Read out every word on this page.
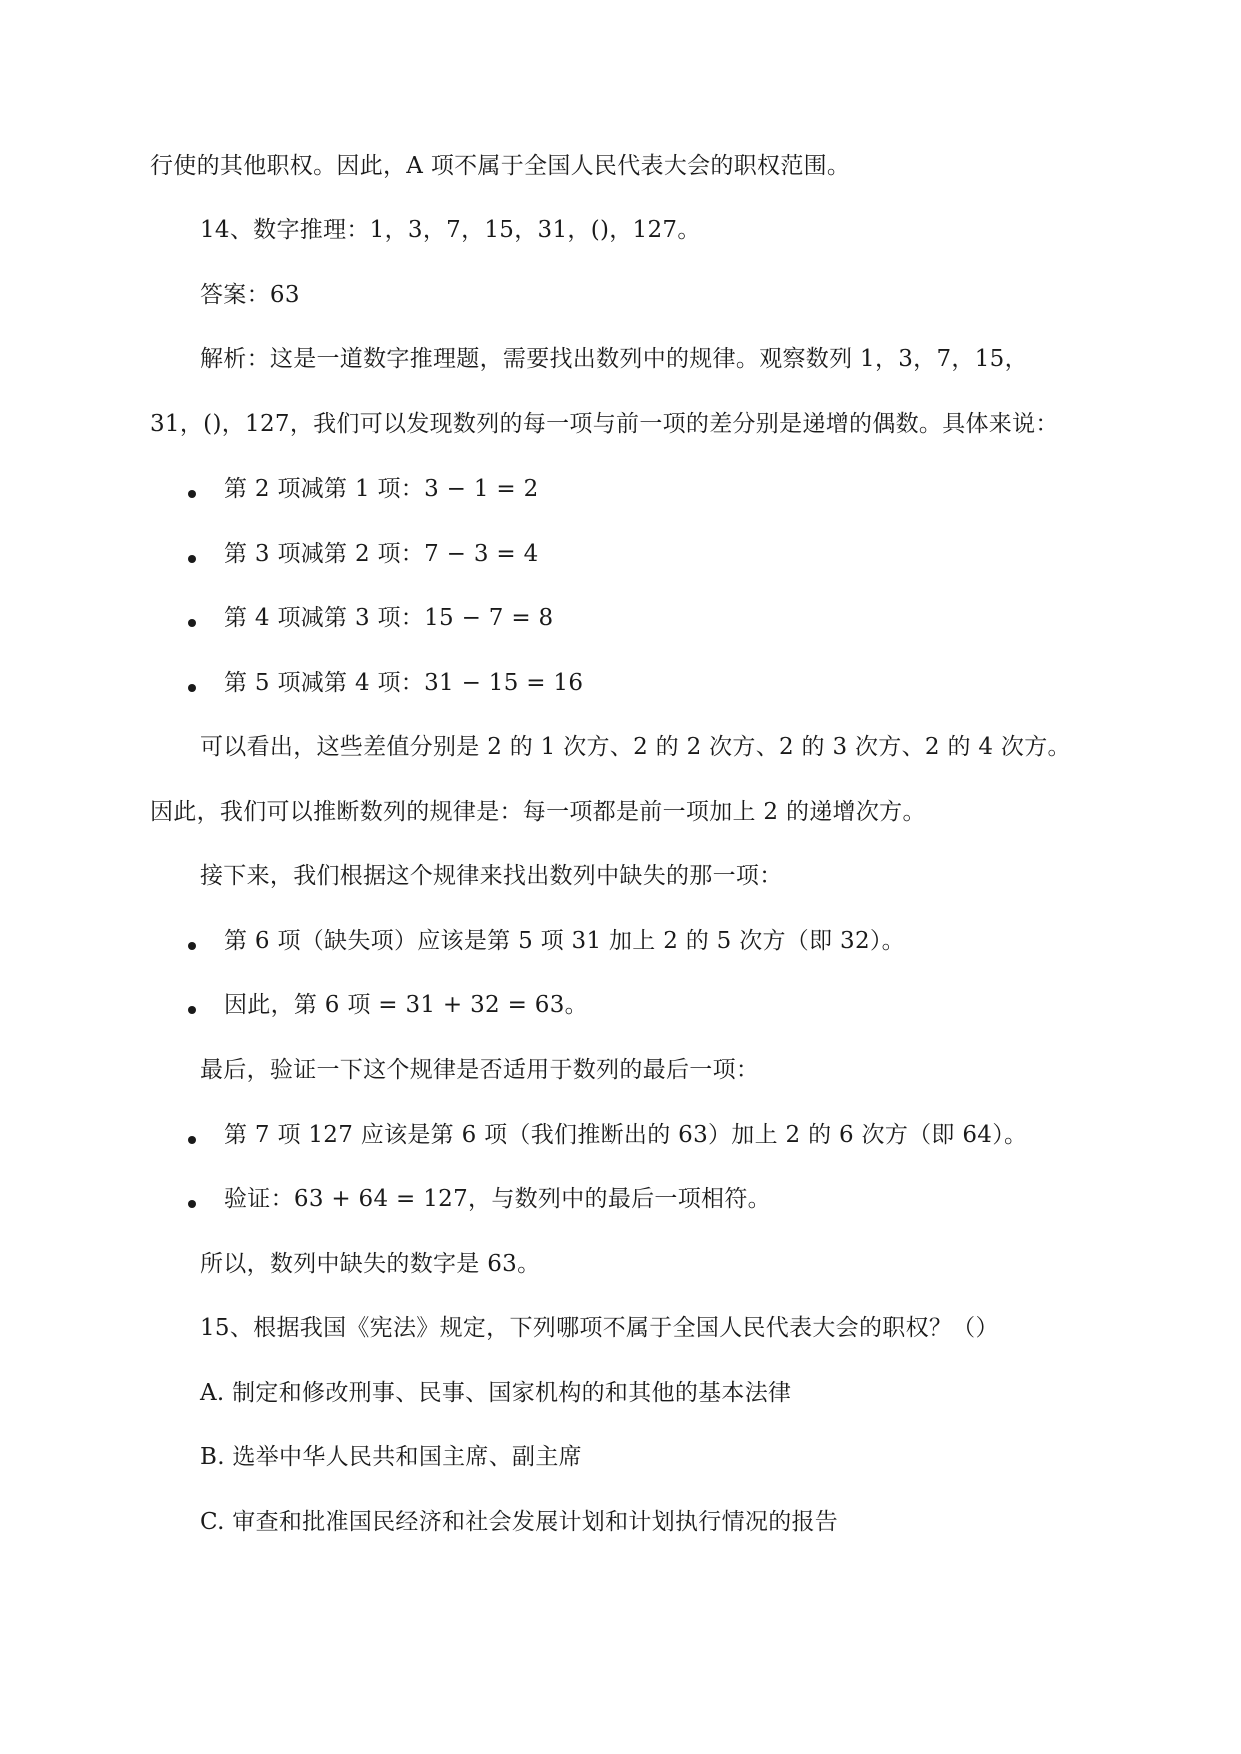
行使的其他职权。因此，A 项不属于全国人民代表大会的职权范围。
14、数字推理：1，3，7，15，31，()，127。
答案：63
解析：这是一道数字推理题，需要找出数列中的规律。观察数列 1，3，7，15，
31，()，127，我们可以发现数列的每一项与前一项的差分别是递增的偶数。具体来说：
第 2 项减第 1 项：3 − 1 = 2
第 3 项减第 2 项：7 − 3 = 4
第 4 项减第 3 项：15 − 7 = 8
第 5 项减第 4 项：31 − 15 = 16
可以看出，这些差值分别是 2 的 1 次方、2 的 2 次方、2 的 3 次方、2 的 4 次方。
因此，我们可以推断数列的规律是：每一项都是前一项加上 2 的递增次方。
接下来，我们根据这个规律来找出数列中缺失的那一项：
第 6 项（缺失项）应该是第 5 项 31 加上 2 的 5 次方（即 32）。
因此，第 6 项 = 31 + 32 = 63。
最后，验证一下这个规律是否适用于数列的最后一项：
第 7 项 127 应该是第 6 项（我们推断出的 63）加上 2 的 6 次方（即 64）。
验证：63 + 64 = 127，与数列中的最后一项相符。
所以，数列中缺失的数字是 63。
15、根据我国《宪法》规定，下列哪项不属于全国人民代表大会的职权？（）
A. 制定和修改刑事、民事、国家机构的和其他的基本法律
B. 选举中华人民共和国主席、副主席
C. 审查和批准国民经济和社会发展计划和计划执行情况的报告
